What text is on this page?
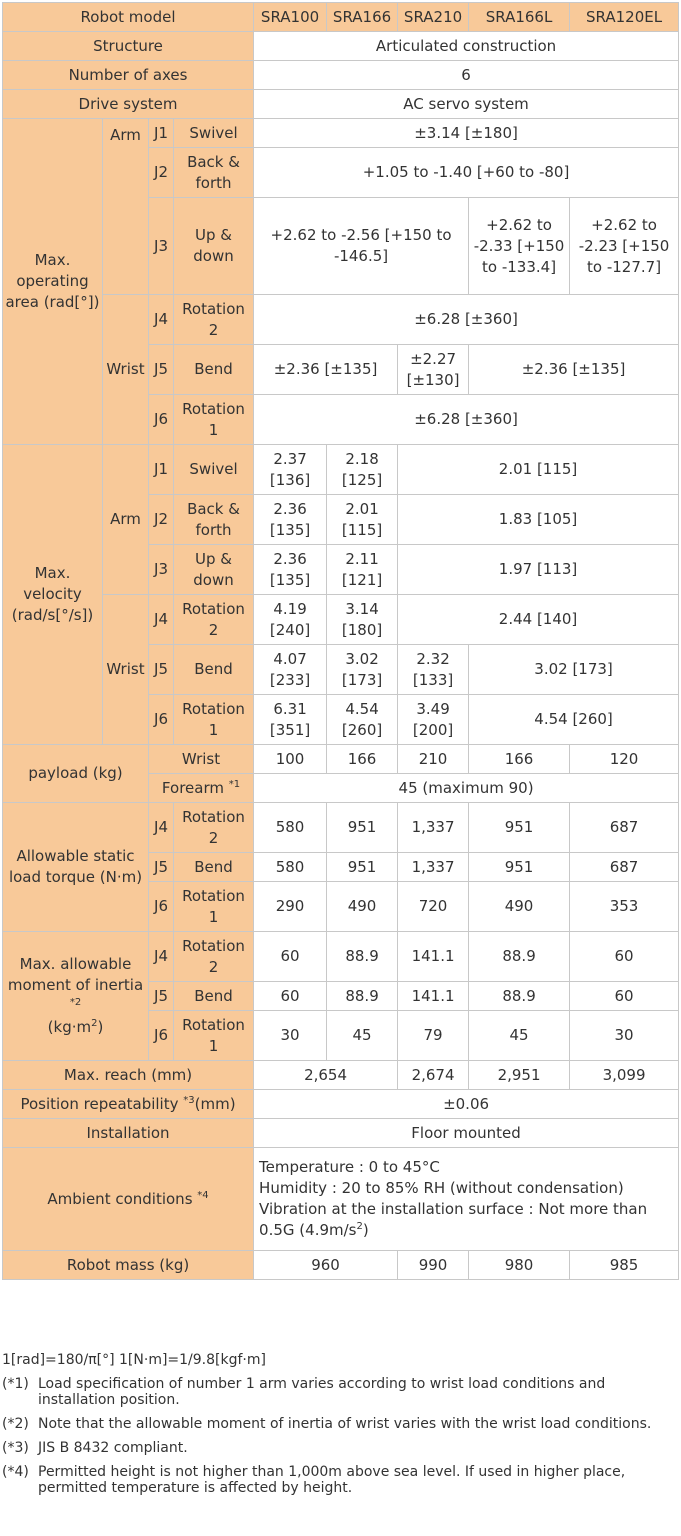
Robot model				SRA100	SRA166	SRA210	SRA166L	SRA120EL
Structure				Articulated construction				
Number of axes				6				
Drive system				AC servo system				
Max. operating area (rad[°])	Arm	J1	Swivel	±3.14 [±180]				
		J2	Back & forth	+1.05 to -1.40 [+60 to -80]				
		J3	Up & down	+2.62 to -2.56 [+150 to -146.5]			+2.62 to -2.33 [+150 to -133.4]	+2.62 to -2.23 [+150 to -127.7]
	Wrist	J4	Rotation 2	±6.28 [±360]				
		J5	Bend	±2.36 [±135]		±2.27 [±130]	±2.36 [±135]	
		J6	Rotation 1	±6.28 [±360]				
Max. velocity (rad/s[°/s])	Arm	J1	Swivel	2.37 [136]	2.18 [125]	2.01 [115]		
		J2	Back & forth	2.36 [135]	2.01 [115]	1.83 [105]		
		J3	Up & down	2.36 [135]	2.11 [121]	1.97 [113]		
	Wrist	J4	Rotation 2	4.19 [240]	3.14 [180]	2.44 [140]		
		J5	Bend	4.07 [233]	3.02 [173]	2.32 [133]	3.02 [173]	
		J6	Rotation 1	6.31 [351]	4.54 [260]	3.49 [200]	4.54 [260]	
payload (kg)		Wrist		100	166	210	166	120
		Forearm $^{*1}$		45 (maximum 90)				
Allowable static load torque (N·m)		J4	Rotation 2	580	951	1,337	951	687
		J5	Bend	580	951	1,337	951	687
		J6	Rotation 1	290	490	720	490	353
Max. allowable moment of inertia $^{*2}$
$(kg\cdot m^2)$		J4	Rotation 2	60	88.9	141.1	88.9	60
		J5	Bend	60	88.9	141.1	88.9	60
		J6	Rotation 1	30	45	79	45	30
Max. reach (mm)				2,654		2,674	2,951	3,099
Position repeatability $^{*3}$(mm)				±0.06				
Installation				Floor mounted				
Ambient conditions $^{*4}$				Temperature : 0 to 45°C
Humidity : 20 to 85% RH (without condensation)
Vibration at the installation surface : Not more than 0.5G $(4.9m/s^2)$				

Robot mass (kg)				960		990	980	985
1[rad]=180/π[°] 1[N·m]=1/9.8[kgf·m]
(*1) Load specification of number 1 arm varies according to wrist load conditions and installation position.
(*2) Note that the allowable moment of inertia of wrist varies with the wrist load conditions.
(*3) JIS B 8432 compliant.
(*4) Permitted height is not higher than 1,000m above sea level. If used in higher place, permitted temperature is affected by height.
